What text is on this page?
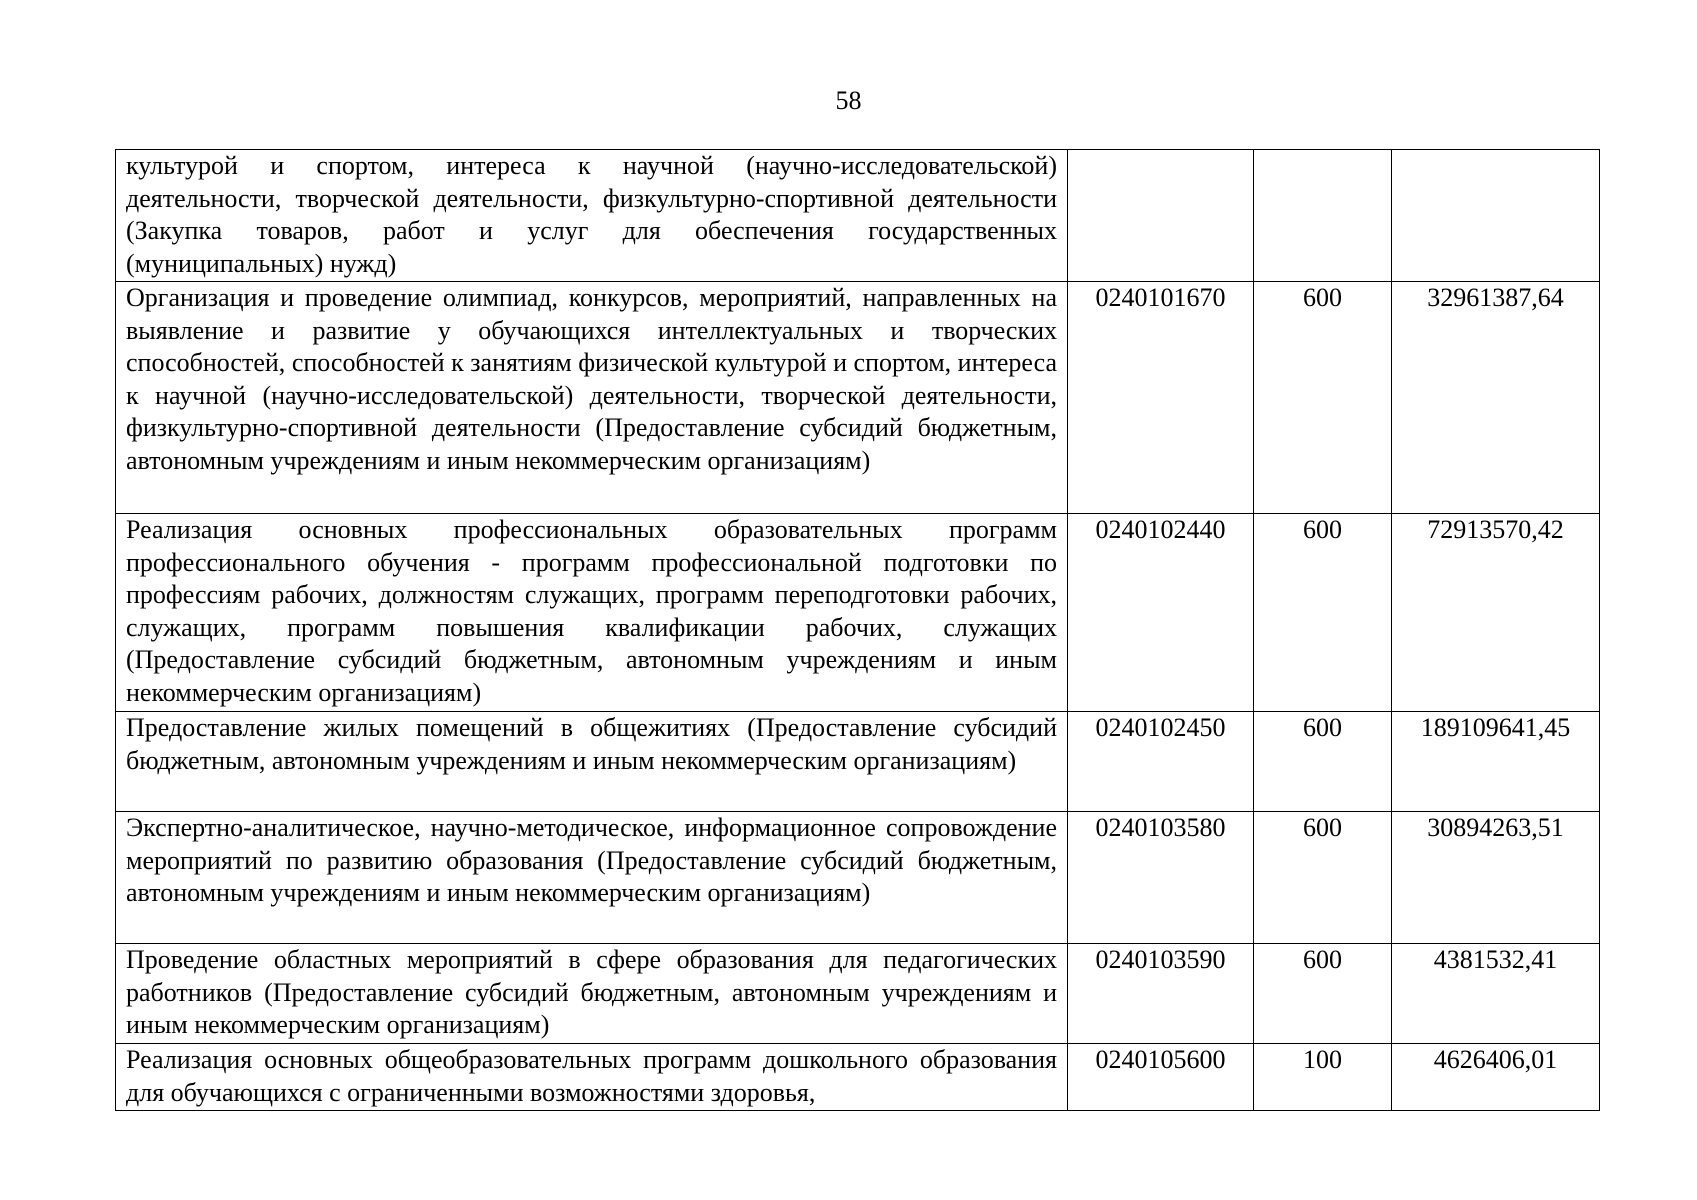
58
культурой и спортом, интереса к научной (научно-исследовательской) деятельности, творческой деятельности, физкультурно-спортивной деятельности (Закупка товаров, работ и услуг для обеспечения государственных (муниципальных) нужд)			
Организация и проведение олимпиад, конкурсов, мероприятий, направленных на выявление и развитие у обучающихся интеллектуальных и творческих способностей, способностей к занятиям физической культурой и спортом, интереса к научной (научно-исследовательской) деятельности, творческой деятельности, физкультурно-спортивной деятельности (Предоставление субсидий бюджетным, автономным учреждениям и иным некоммерческим организациям)	0240101670	600	32961387,64
Реализация основных профессиональных образовательных программ профессионального обучения - программ профессиональной подготовки по профессиям рабочих, должностям служащих, программ переподготовки рабочих, служащих, программ повышения квалификации рабочих, служащих (Предоставление субсидий бюджетным, автономным учреждениям и иным некоммерческим организациям)	0240102440	600	72913570,42
Предоставление жилых помещений в общежитиях (Предоставление субсидий бюджетным, автономным учреждениям и иным некоммерческим организациям)	0240102450	600	189109641,45
Экспертно-аналитическое, научно-методическое, информационное сопровождение мероприятий по развитию образования (Предоставление субсидий бюджетным, автономным учреждениям и иным некоммерческим организациям)	0240103580	600	30894263,51
Проведение областных мероприятий в сфере образования для педагогических работников (Предоставление субсидий бюджетным, автономным учреждениям и иным некоммерческим организациям)	0240103590	600	4381532,41
Реализация основных общеобразовательных программ дошкольного образования для обучающихся с ограниченными возможностями здоровья,	0240105600	100	4626406,01
